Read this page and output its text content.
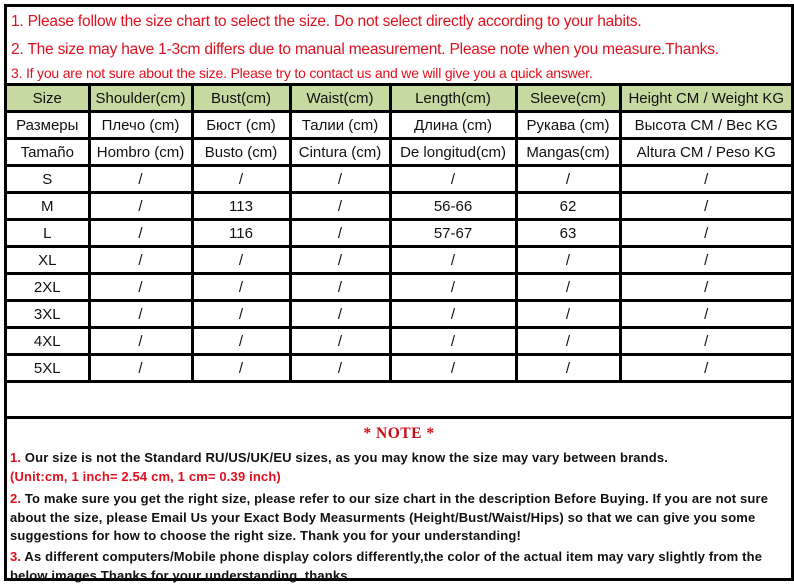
1. Please follow the size chart to select the size. Do not select directly according to your habits.
2. The size may have 1-3cm differs due to manual measurement. Please note when you measure.Thanks.
3. If you are not sure about the size. Please try to contact us and we will give you a quick answer.
Size	Shoulder(cm)	Bust(cm)	Waist(cm)	Length(cm)	Sleeve(cm)	Height CM / Weight KG
Размеры	Плечо (cm)	Бюст (cm)	Талии (cm)	Длина (cm)	Рукава (cm)	Высота CM / Вес KG
Tamaño	Hombro (cm)	Busto (cm)	Cintura (cm)	De longitud(cm)	Mangas(cm)	Altura CM / Peso KG
S	/	/	/	/	/	/
M	/	113	/	56-66	62	/
L	/	116	/	57-67	63	/
XL	/	/	/	/	/	/
2XL	/	/	/	/	/	/
3XL	/	/	/	/	/	/
4XL	/	/	/	/	/	/
5XL	/	/	/	/	/	/
* NOTE *

1. Our size is not the Standard RU/US/UK/EU sizes, as you may know the size may vary between brands.
(Unit:cm, 1 inch= 2.54 cm, 1 cm= 0.39 inch)

2. To make sure you get the right size, please refer to our size chart in the description Before Buying. If you are not sure about the size, please Email Us your Exact Body Measurments (Height/Bust/Waist/Hips) so that we can give you some suggestions for how to choose the right size. Thank you for your understanding!

3. As different computers/Mobile phone display colors differently,the color of the actual item may vary slightly from the below images.Thanks for your understanding. thanks.
